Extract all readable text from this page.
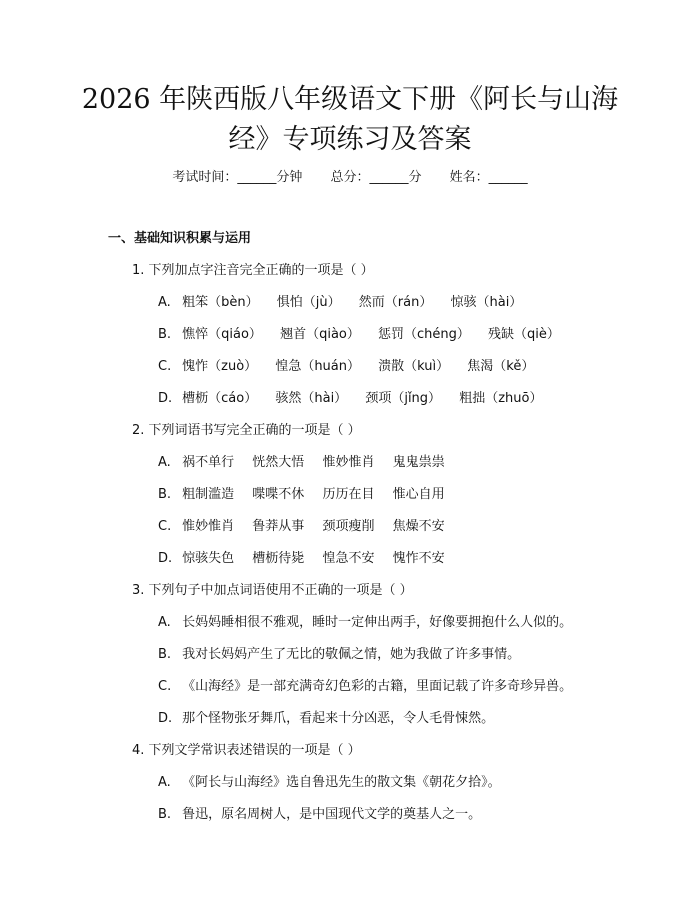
2026 年陕西版八年级语文下册《阿长与山海
经》专项练习及答案
考试时间：______分钟 总分：______分 姓名：______
一、基础知识积累与运用
1. 下列加点字注音完全正确的一项是（ ）
A. 粗笨（bèn） 惧怕（jù） 然而（rán） 惊骇（hài）
B. 憔悴（qiáo） 翘首（qiào） 惩罚（chéng） 残缺（qiè）
C. 愧怍（zuò） 惶急（huán） 溃散（kuì） 焦渴（kě）
D. 槽枥（cáo） 骇然（hài） 颈项（jǐng） 粗拙（zhuō）
2. 下列词语书写完全正确的一项是（ ）
A. 祸不单行 恍然大悟 惟妙惟肖 鬼鬼祟祟
B. 粗制滥造 喋喋不休 历历在目 惟心自用
C. 惟妙惟肖 鲁莽从事 颈项瘦削 焦燥不安
D. 惊骇失色 槽枥待毙 惶急不安 愧怍不安
3. 下列句子中加点词语使用不正确的一项是（ ）
A. 长妈妈睡相很不雅观，睡时一定伸出两手，好像要拥抱什么人似的。
B. 我对长妈妈产生了无比的敬佩之情，她为我做了许多事情。
C. 《山海经》是一部充满奇幻色彩的古籍，里面记载了许多奇珍异兽。
D. 那个怪物张牙舞爪，看起来十分凶恶，令人毛骨悚然。
4. 下列文学常识表述错误的一项是（ ）
A. 《阿长与山海经》选自鲁迅先生的散文集《朝花夕拾》。
B. 鲁迅，原名周树人，是中国现代文学的奠基人之一。
